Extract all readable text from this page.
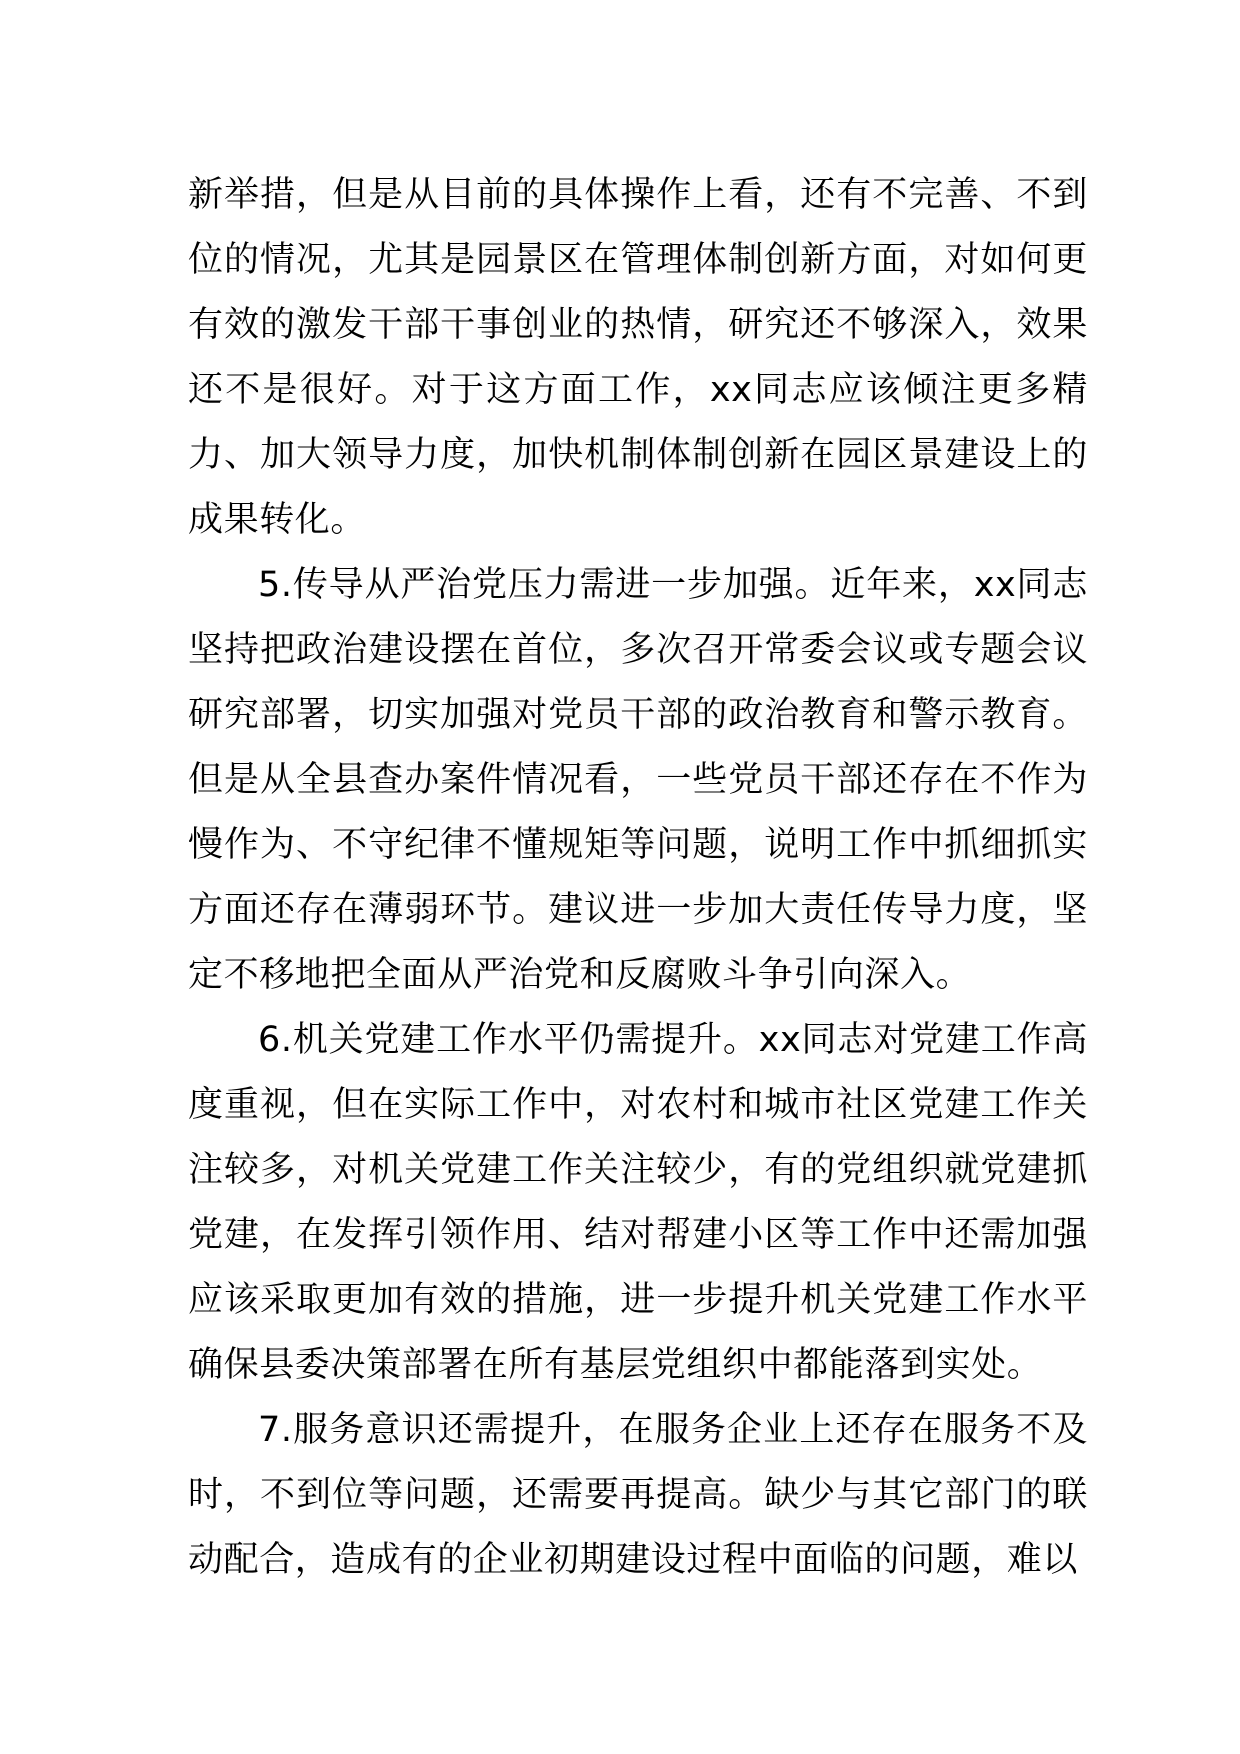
新举措，但是从目前的具体操作上看，还有不完善、不到位的情况，尤其是园景区在管理体制创新方面，对如何更有效的激发干部干事创业的热情，研究还不够深入，效果还不是很好。对于这方面工作，xx同志应该倾注更多精力、加大领导力度，加快机制体制创新在园区景建设上的成果转化。

5.传导从严治党压力需进一步加强。近年来，xx同志坚持把政治建设摆在首位，多次召开常委会议或专题会议研究部署，切实加强对党员干部的政治教育和警示教育。但是从全县查办案件情况看，一些党员干部还存在不作为慢作为、不守纪律不懂规矩等问题，说明工作中抓细抓实方面还存在薄弱环节。建议进一步加大责任传导力度，坚定不移地把全面从严治党和反腐败斗争引向深入。

6.机关党建工作水平仍需提升。xx同志对党建工作高度重视，但在实际工作中，对农村和城市社区党建工作关注较多，对机关党建工作关注较少，有的党组织就党建抓党建，在发挥引领作用、结对帮建小区等工作中还需加强应该采取更加有效的措施，进一步提升机关党建工作水平确保县委决策部署在所有基层党组织中都能落到实处。

7.服务意识还需提升，在服务企业上还存在服务不及时，不到位等问题，还需要再提高。缺少与其它部门的联动配合，造成有的企业初期建设过程中面临的问题，难以
